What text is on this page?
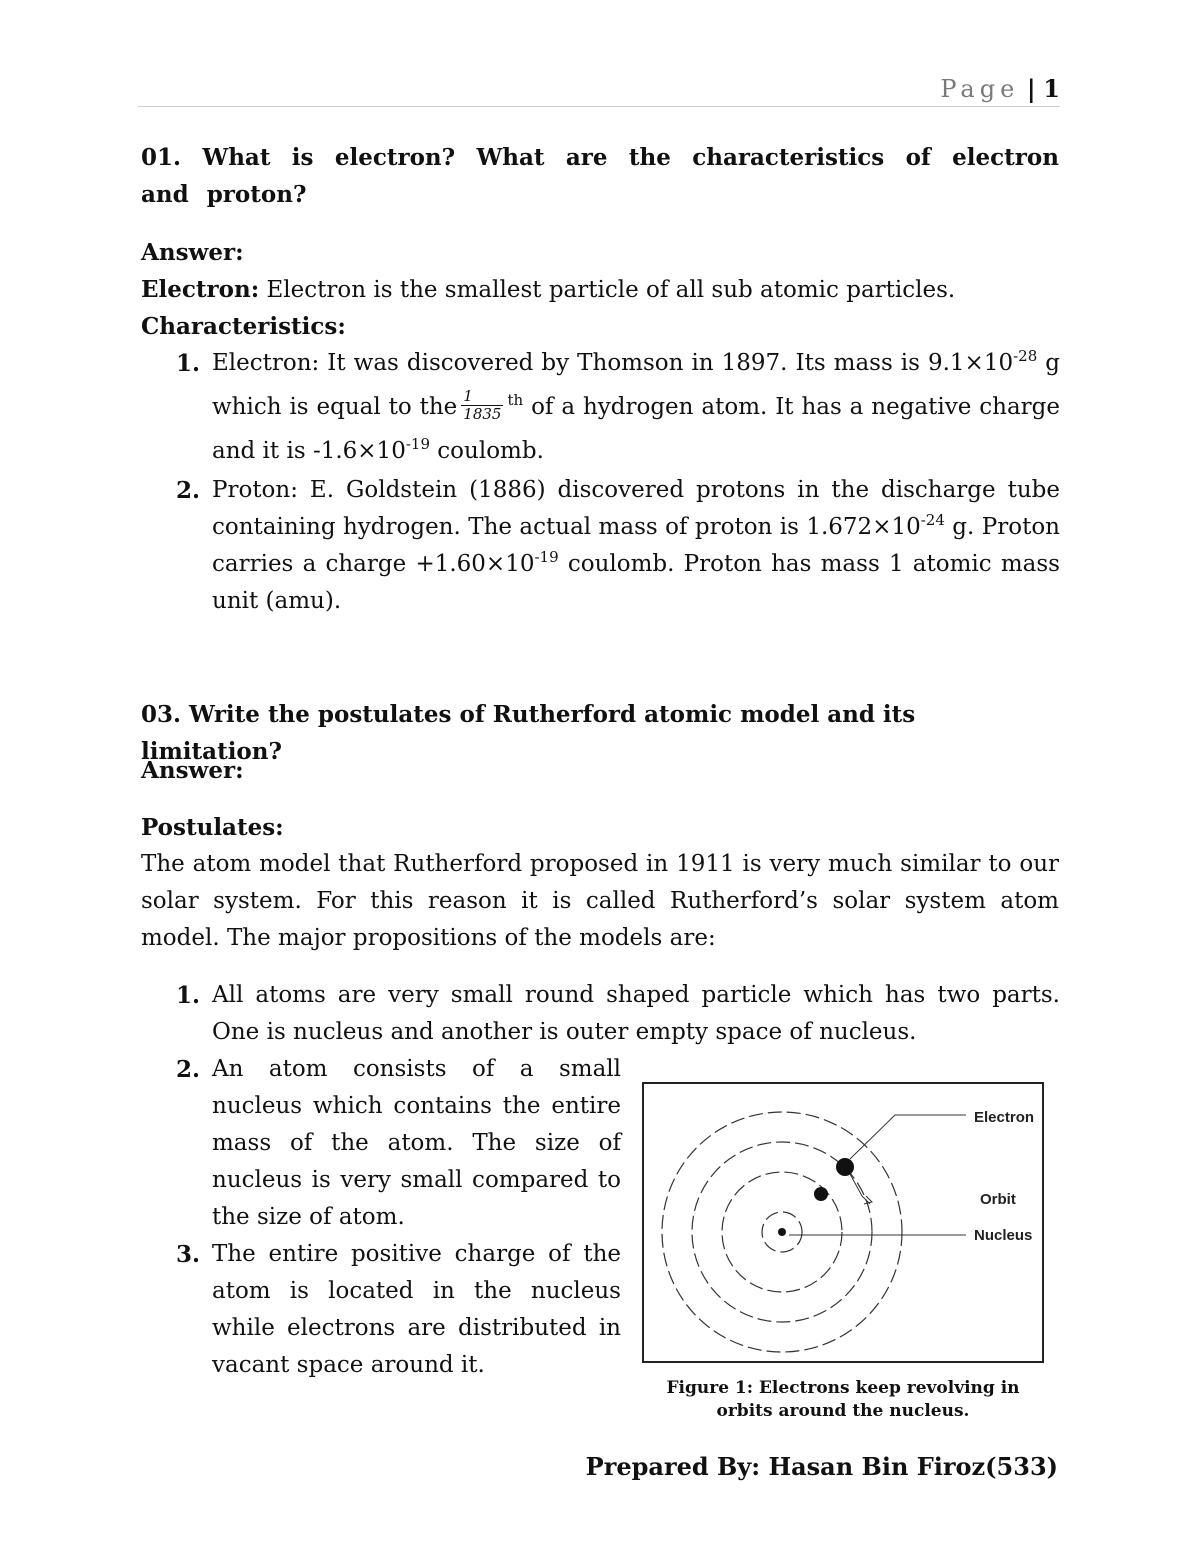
Page | 1
01. What is electron? What are the characteristics of electron and proton?
Answer:
Electron: Electron is the smallest particle of all sub atomic particles.
Characteristics:
1. Electron: It was discovered by Thomson in 1897. Its mass is $9.1\times 10^{-28}$ g which is equal to the $\frac{1}{1835} ^{th}$ of a hydrogen atom. It has a negative charge and it is $-1.6\times 10^{-19}$ coulomb.
2. Proton: E. Goldstein (1886) discovered protons in the discharge tube containing hydrogen. The actual mass of proton is $1.672\times 10^{-24}$ g. Proton carries a charge $+1.60\times 10^{-19}$ coulomb. Proton has mass 1 atomic mass unit (amu).
03. Write the postulates of Rutherford atomic model and its limitation?
Answer:
Postulates:
The atom model that Rutherford proposed in 1911 is very much similar to our solar system. For this reason it is called Rutherford’s solar system atom model. The major propositions of the models are:
1. All atoms are very small round shaped particle which has two parts. One is nucleus and another is outer empty space of nucleus.
2. An atom consists of a small nucleus which contains the entire mass of the atom. The size of nucleus is very small compared to the size of atom.
3. The entire positive charge of the atom is located in the nucleus while electrons are distributed in vacant space around it.
Electron
Orbit
Nucleus
Figure 1: Electrons keep revolving in orbits around the nucleus.
Prepared By: Hasan Bin Firoz(533)
